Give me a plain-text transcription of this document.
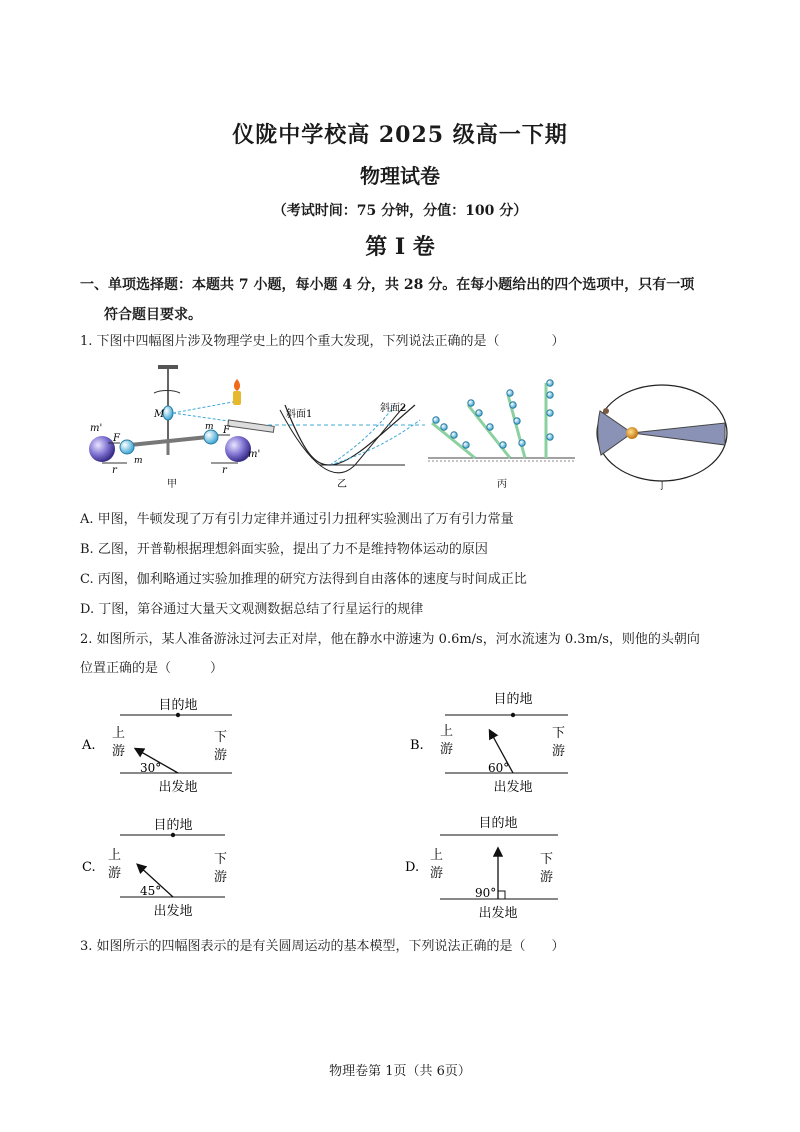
仪陇中学校高 2025 级高一下期
物理试卷
（考试时间：75 分钟，分值：100 分）
第 I 卷
一、单项选择题：本题共 7 小题，每小题 4 分，共 28 分。在每小题给出的四个选项中，只有一项
符合题目要求。
1. 下图中四幅图片涉及物理学史上的四个重大发现，下列说法正确的是（　　　　）
m'
m'
m
m
M
F
F
r	r
甲
斜面1
斜面2
乙	丙	丁
A. 甲图，牛顿发现了万有引力定律并通过引力扭秤实验测出了万有引力常量
B. 乙图，开普勒根据理想斜面实验，提出了力不是维持物体运动的原因
C. 丙图，伽利略通过实验加推理的研究方法得到自由落体的速度与时间成正比
D. 丁图，第谷通过大量天文观测数据总结了行星运行的规律
2. 如图所示，某人准备游泳过河去正对岸，他在静水中游速为 0.6m/s，河水流速为 0.3m/s，则他的头朝向
位置正确的是（　　　）
A.
目的地
出发地
上
游
下
游
30°
B.
目的地
出发地
上
游
下
游
60°
C.
目的地
出发地
上
游
下
游
45°
D.
目的地
出发地
上
游
下
游
90°
3. 如图所示的四幅图表示的是有关圆周运动的基本模型，下列说法正确的是（　　）
物理卷第 1页（共 6页）
